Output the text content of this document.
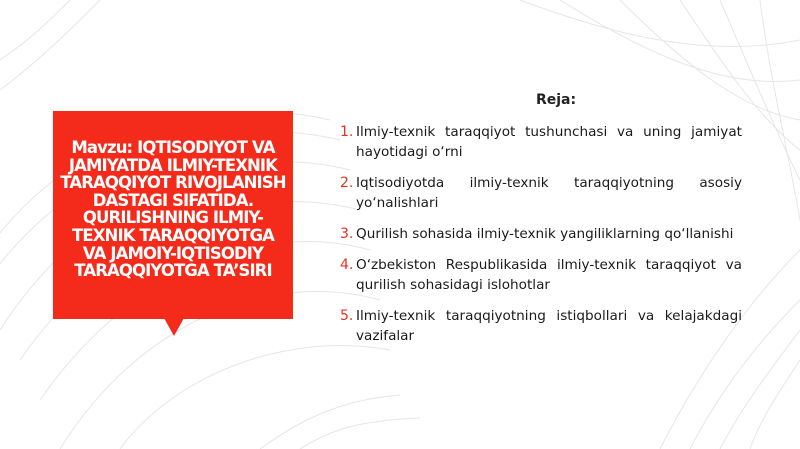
Mavzu: IQTISODIYOT VA JAMIYATDA ILMIY-TEXNIK TARAQQIYOT RIVOJLANISH DASTAGI SIFATIDA. QURILISHNING ILMIY-TEXNIK TARAQQIYOTGA VA JAMOIY-IQTISODIY TARAQQIYOTGA TA’SIRI

Reja:

1. Ilmiy-texnik taraqqiyot tushunchasi va uning jamiyat hayotidagi o‘rni
2. Iqtisodiyotda ilmiy-texnik taraqqiyotning asosiy yo‘nalishlari
3. Qurilish sohasida ilmiy-texnik yangiliklarning qo‘llanishi
4. O‘zbekiston Respublikasida ilmiy-texnik taraqqiyot va qurilish sohasidagi islohotlar
5. Ilmiy-texnik taraqqiyotning istiqbollari va kelajakdagi vazifalar
